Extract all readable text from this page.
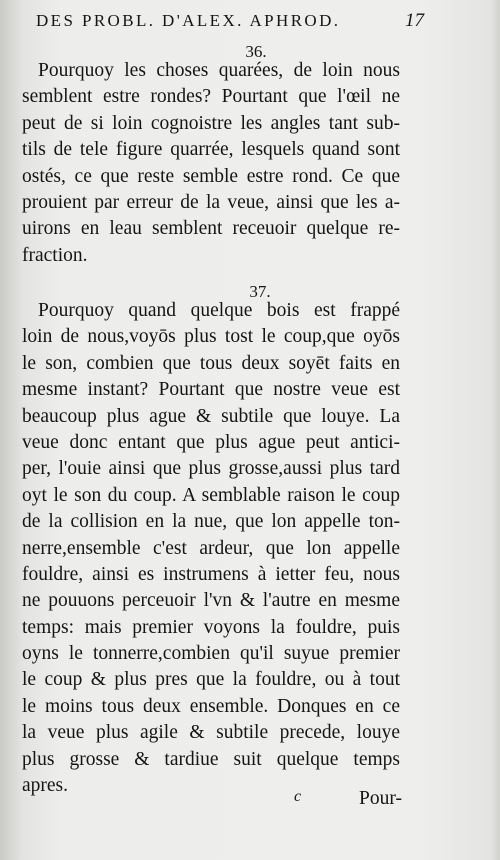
DES PROBL. D'ALEX. APHROD.	17
36.
Pourquoy les choses quarées, de loin nous
semblent estre rondes? Pourtant que l'œil ne
peut de si loin cognoistre les angles tant sub-
tils de tele figure quarrée, lesquels quand sont
ostés, ce que reste semble estre rond. Ce que
prouient par erreur de la veue, ainsi que les a-
uirons en leau semblent receuoir quelque re-
fraction.
37.
Pourquoy quand quelque bois est frappé
loin de nous,voyōs plus tost le coup,que oyōs
le son, combien que tous deux soyēt faits en
mesme instant? Pourtant que nostre veue est
beaucoup plus ague & subtile que louye. La
veue donc entant que plus ague peut antici-
per, l'ouie ainsi que plus grosse,aussi plus tard
oyt le son du coup. A semblable raison le coup
de la collision en la nue, que lon appelle ton-
nerre,ensemble c'est ardeur, que lon appelle
fouldre, ainsi es instrumens à ietter feu, nous
ne pouuons perceuoir l'vn & l'autre en mesme
temps: mais premier voyons la fouldre, puis
oyns le tonnerre,combien qu'il suyue premier
le coup & plus pres que la fouldre, ou à tout
le moins tous deux ensemble. Donques en ce
la veue plus agile & subtile precede, louye
plus grosse & tardiue suit quelque temps
apres.
c	Pour-
